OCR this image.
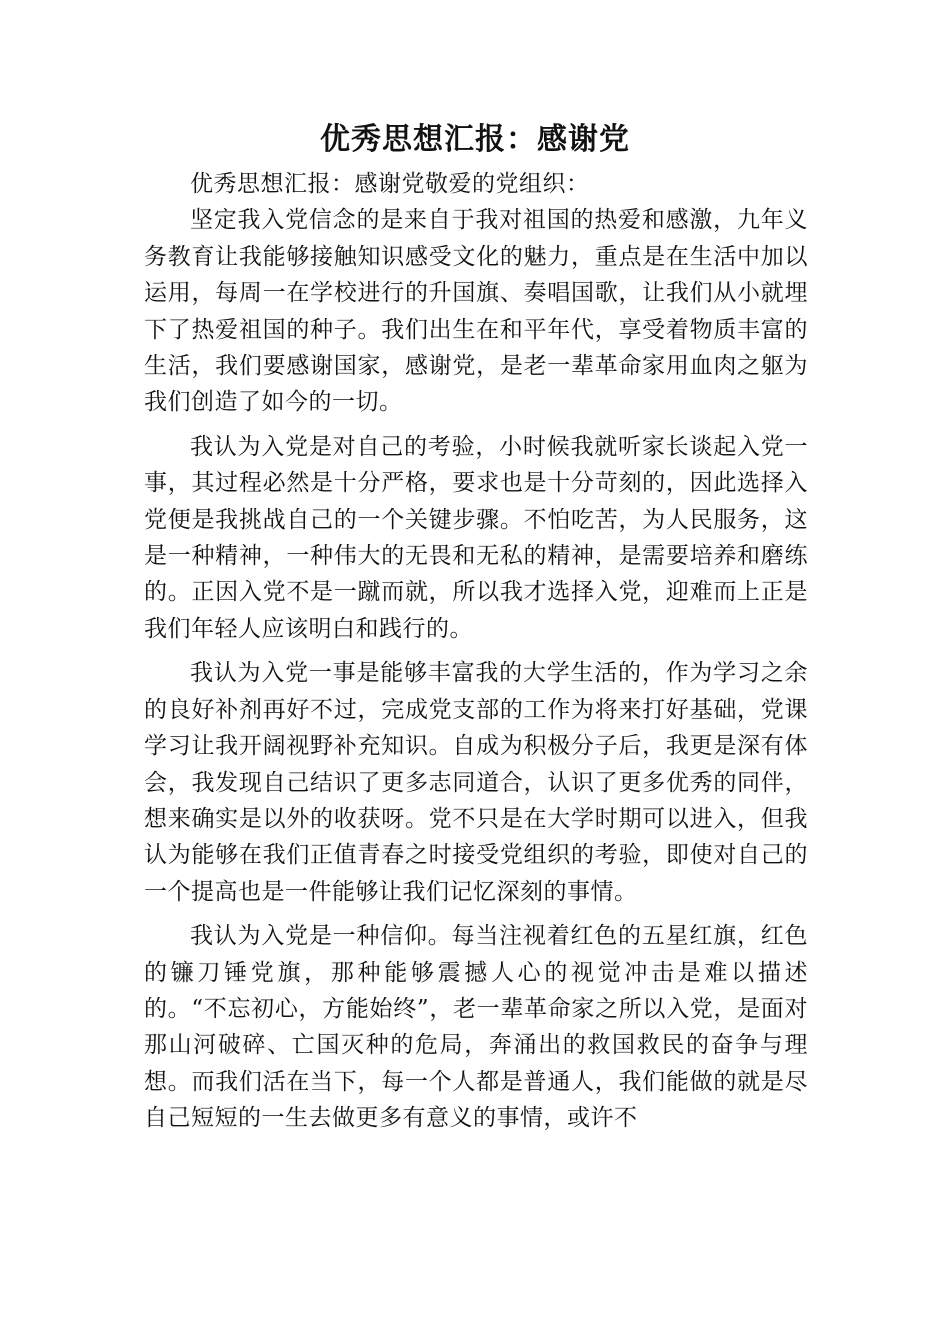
优秀思想汇报：感谢党

优秀思想汇报：感谢党敬爱的党组织：

坚定我入党信念的是来自于我对祖国的热爱和感激，九年义务教育让我能够接触知识感受文化的魅力，重点是在生活中加以运用，每周一在学校进行的升国旗、奏唱国歌，让我们从小就埋下了热爱祖国的种子。我们出生在和平年代，享受着物质丰富的生活，我们要感谢国家，感谢党，是老一辈革命家用血肉之躯为我们创造了如今的一切。

我认为入党是对自己的考验，小时候我就听家长谈起入党一事，其过程必然是十分严格，要求也是十分苛刻的，因此选择入党便是我挑战自己的一个关键步骤。不怕吃苦，为人民服务，这是一种精神，一种伟大的无畏和无私的精神，是需要培养和磨练的。正因入党不是一蹴而就，所以我才选择入党，迎难而上正是我们年轻人应该明白和践行的。

我认为入党一事是能够丰富我的大学生活的，作为学习之余的良好补剂再好不过，完成党支部的工作为将来打好基础，党课学习让我开阔视野补充知识。自成为积极分子后，我更是深有体会，我发现自己结识了更多志同道合，认识了更多优秀的同伴，想来确实是以外的收获呀。党不只是在大学时期可以进入，但我认为能够在我们正值青春之时接受党组织的考验，即使对自己的一个提高也是一件能够让我们记忆深刻的事情。

我认为入党是一种信仰。每当注视着红色的五星红旗，红色的镰刀锤党旗，那种能够震撼人心的视觉冲击是难以描述的。“不忘初心，方能始终”，老一辈革命家之所以入党，是面对那山河破碎、亡国灭种的危局，奔涌出的救国救民的奋争与理想。而我们活在当下，每一个人都是普通人，我们能做的就是尽自己短短的一生去做更多有意义的事情，或许不
